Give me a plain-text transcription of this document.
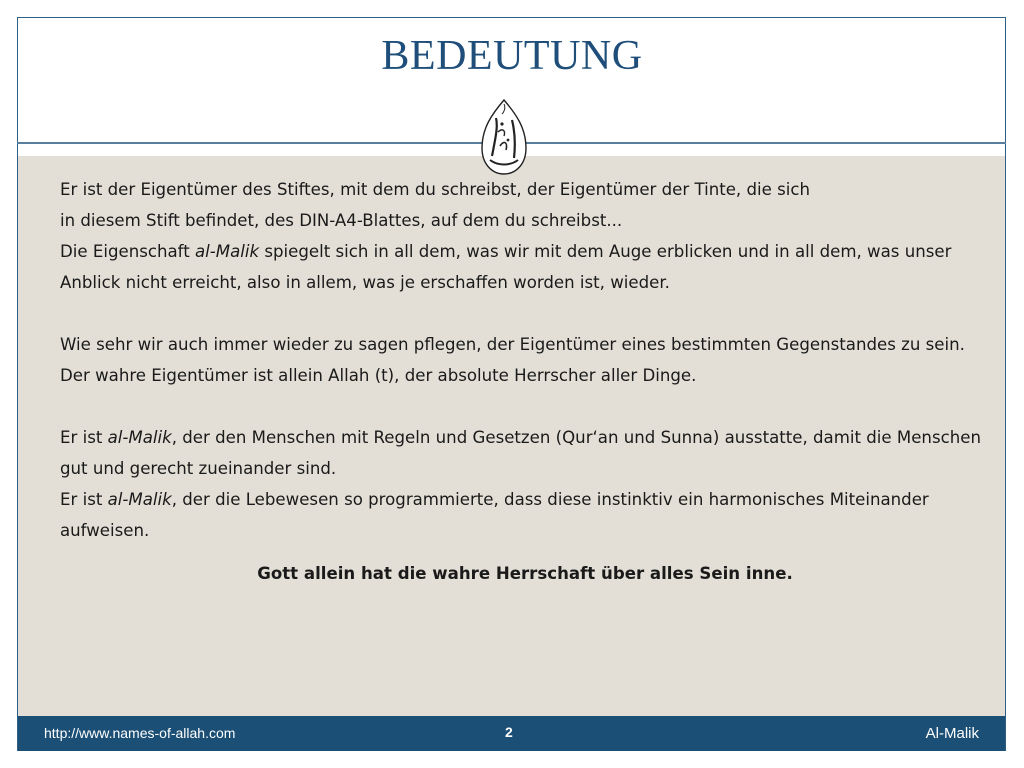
BEDEUTUNG

Er ist der Eigentümer des Stiftes, mit dem du schreibst, der Eigentümer der Tinte, die sich
in diesem Stift befindet, des DIN-A4-Blattes, auf dem du schreibst...

Die Eigenschaft al-Malik spiegelt sich in all dem, was wir mit dem Auge erblicken und in all dem, was unser Anblick nicht erreicht, also in allem, was je erschaffen worden ist, wieder.

Wie sehr wir auch immer wieder zu sagen pflegen, der Eigentümer eines bestimmten Gegenstandes zu sein. Der wahre Eigentümer ist allein Allah (t), der absolute Herrscher aller Dinge.

Er ist al-Malik, der den Menschen mit Regeln und Gesetzen (Qur‘an und Sunna) ausstatte, damit die Menschen gut und gerecht zueinander sind.

Er ist al-Malik, der die Lebewesen so programmierte, dass diese instinktiv ein harmonisches Miteinander aufweisen.

Gott allein hat die wahre Herrschaft über alles Sein inne.

http://www.names-of-allah.com	2	Al-Malik
